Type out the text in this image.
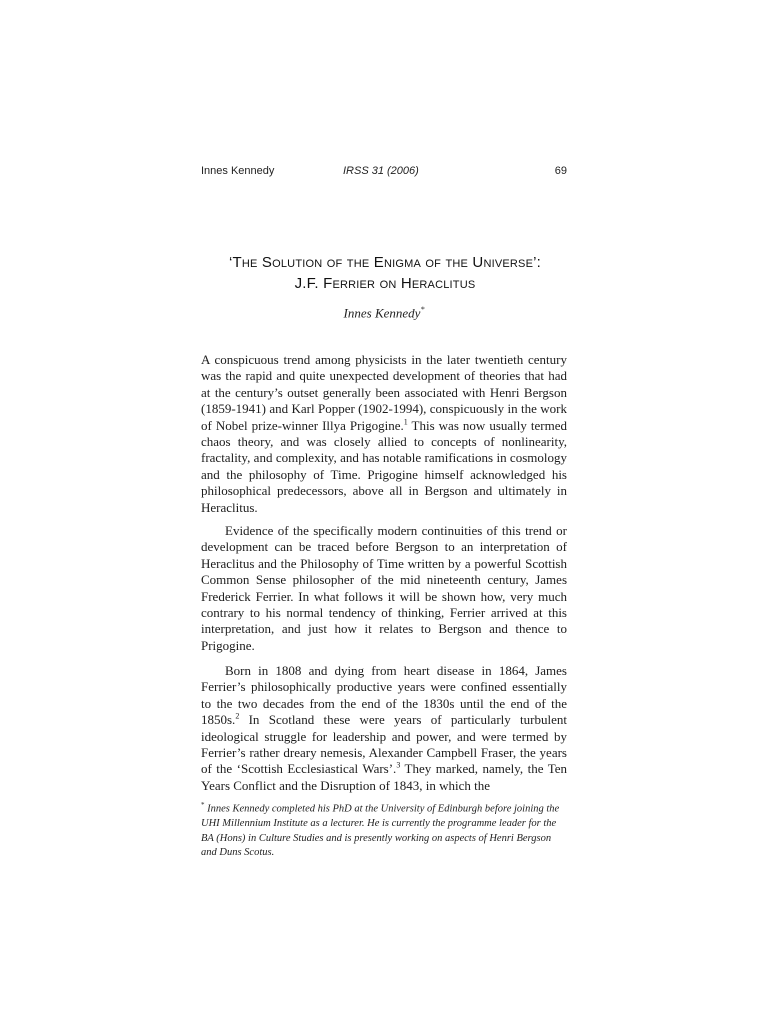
Innes Kennedy	IRSS 31 (2006)	69
‘The Solution of the Enigma of the Universe’:
J.F. Ferrier on Heraclitus
Innes Kennedy*

A conspicuous trend among physicists in the later twentieth century was the rapid and quite unexpected development of theories that had at the century’s outset generally been associated with Henri Bergson (1859-1941) and Karl Popper (1902-1994), conspicuously in the work of Nobel prize-winner Illya Prigogine.$^1$ This was now usually termed chaos theory, and was closely allied to concepts of nonlinearity, fractality, and complexity, and has notable ramifications in cosmology and the philosophy of Time. Prigogine himself acknowledged his philosophical predecessors, above all in Bergson and ultimately in Heraclitus.

Evidence of the specifically modern continuities of this trend or development can be traced before Bergson to an interpretation of Heraclitus and the Philosophy of Time written by a powerful Scottish Common Sense philosopher of the mid nineteenth century, James Frederick Ferrier. In what follows it will be shown how, very much contrary to his normal tendency of thinking, Ferrier arrived at this interpretation, and just how it relates to Bergson and thence to Prigogine.

Born in 1808 and dying from heart disease in 1864, James Ferrier’s philosophically productive years were confined essentially to the two decades from the end of the 1830s until the end of the 1850s.$^2$ In Scotland these were years of particularly turbulent ideological struggle for leadership and power, and were termed by Ferrier’s rather dreary nemesis, Alexander Campbell Fraser, the years of the ‘Scottish Ecclesiastical Wars’.$^3$ They marked, namely, the Ten Years Conflict and the Disruption of 1843, in which the

* Innes Kennedy completed his PhD at the University of Edinburgh before joining the UHI Millennium Institute as a lecturer. He is currently the programme leader for the BA (Hons) in Culture Studies and is presently working on aspects of Henri Bergson and Duns Scotus.
